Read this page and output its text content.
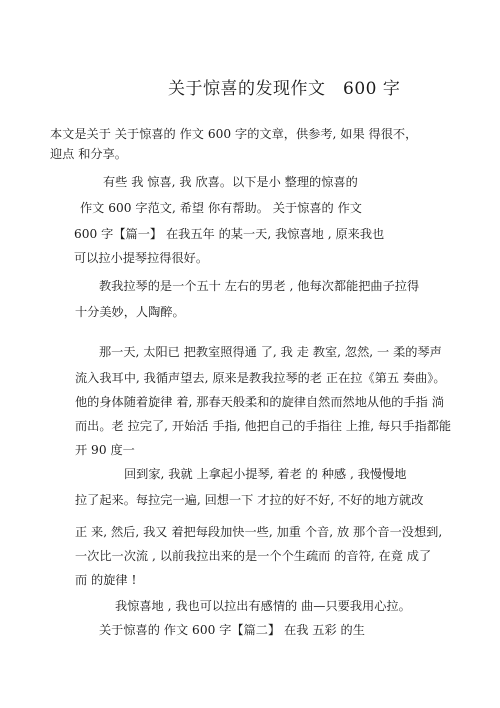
关于惊喜的发现作文　600 字
本文是关于 关于惊喜的 作文 600 字的文章，供参考, 如果 得很不，
迎点 和分享。
有些 我 惊喜, 我 欣喜。以下是小 整理的惊喜的
作文 600 字范文, 希望 你有帮助。 关于惊喜的 作文
600 字【篇一】 在我五年 的某一天, 我惊喜地 , 原来我也
可以拉小提琴拉得很好。
教我拉琴的是一个五十 左右的男老 , 他每次都能把曲子拉得
十分美妙，人陶醉。
那一天, 太阳已 把教室照得通 了, 我 走 教室, 忽然, 一 柔的琴声
流入我耳中, 我循声望去, 原来是教我拉琴的老 正在拉《第五 奏曲》。
他的身体随着旋律 着, 那春天般柔和的旋律自然而然地从他的手指 淌
而出。老 拉完了, 开始活 手指, 他把自己的手指往 上推, 每只手指都能
开 90 度一
回到家, 我就 上拿起小提琴, 着老 的 种感 , 我慢慢地
拉了起来。每拉完一遍, 回想一下 才拉的好不好, 不好的地方就改
正 来, 然后, 我又 着把每段加快一些, 加重 个音, 放 那个音一没想到,
一次比一次流 , 以前我拉出来的是一个个生疏而 的音符, 在竟 成了
而 的旋律 !
我惊喜地 , 我也可以拉出有感情的 曲—只要我用心拉。
关于惊喜的 作文 600 字【篇二】 在我 五彩 的生
